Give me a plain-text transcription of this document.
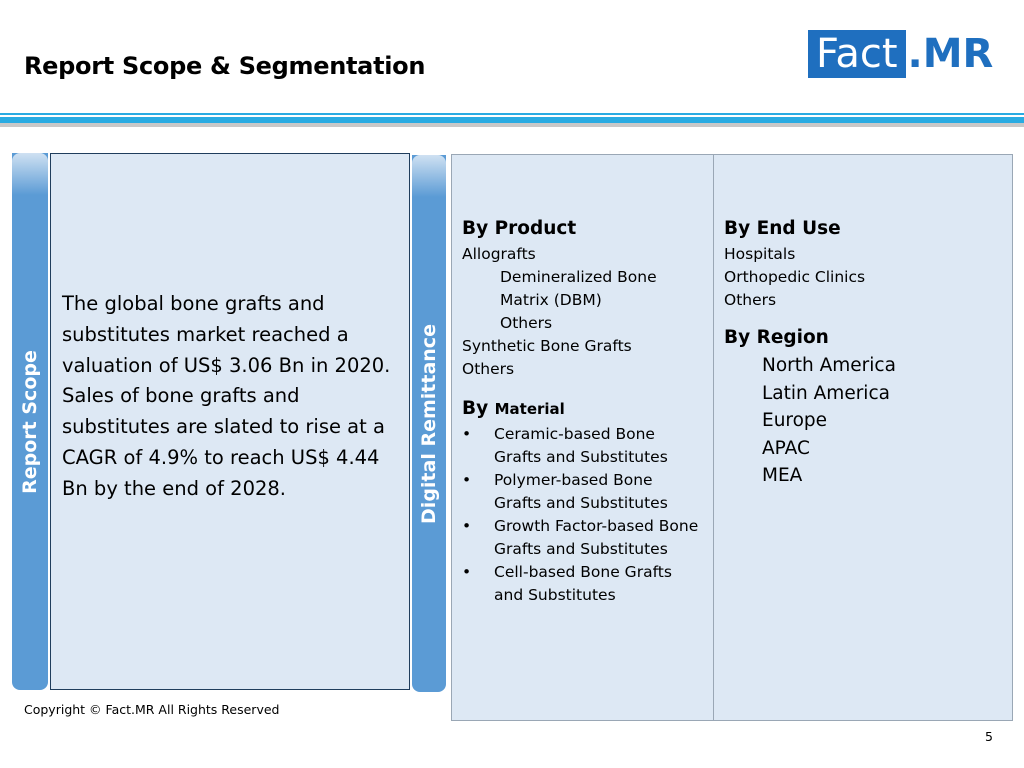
Report Scope & Segmentation	Fact .MR
Report Scope
The global bone grafts and substitutes market reached a valuation of US$ 3.06 Bn in 2020. Sales of bone grafts and substitutes are slated to rise at a CAGR of 4.9% to reach US$ 4.44 Bn by the end of 2028.	Digital Remittance
By Product
Allografts
Demineralized Bone
Matrix (DBM)
Others
Synthetic Bone Grafts
Others
By Material
•	Ceramic-based Bone
Grafts and Substitutes
•	Polymer-based Bone
Grafts and Substitutes
•	Growth Factor-based Bone
Grafts and Substitutes
•	Cell-based Bone Grafts
and Substitutes
By End Use
Hospitals
Orthopedic Clinics
Others
By Region
North America
Latin America
Europe
APAC
MEA
Copyright © Fact.MR All Rights Reserved
5
